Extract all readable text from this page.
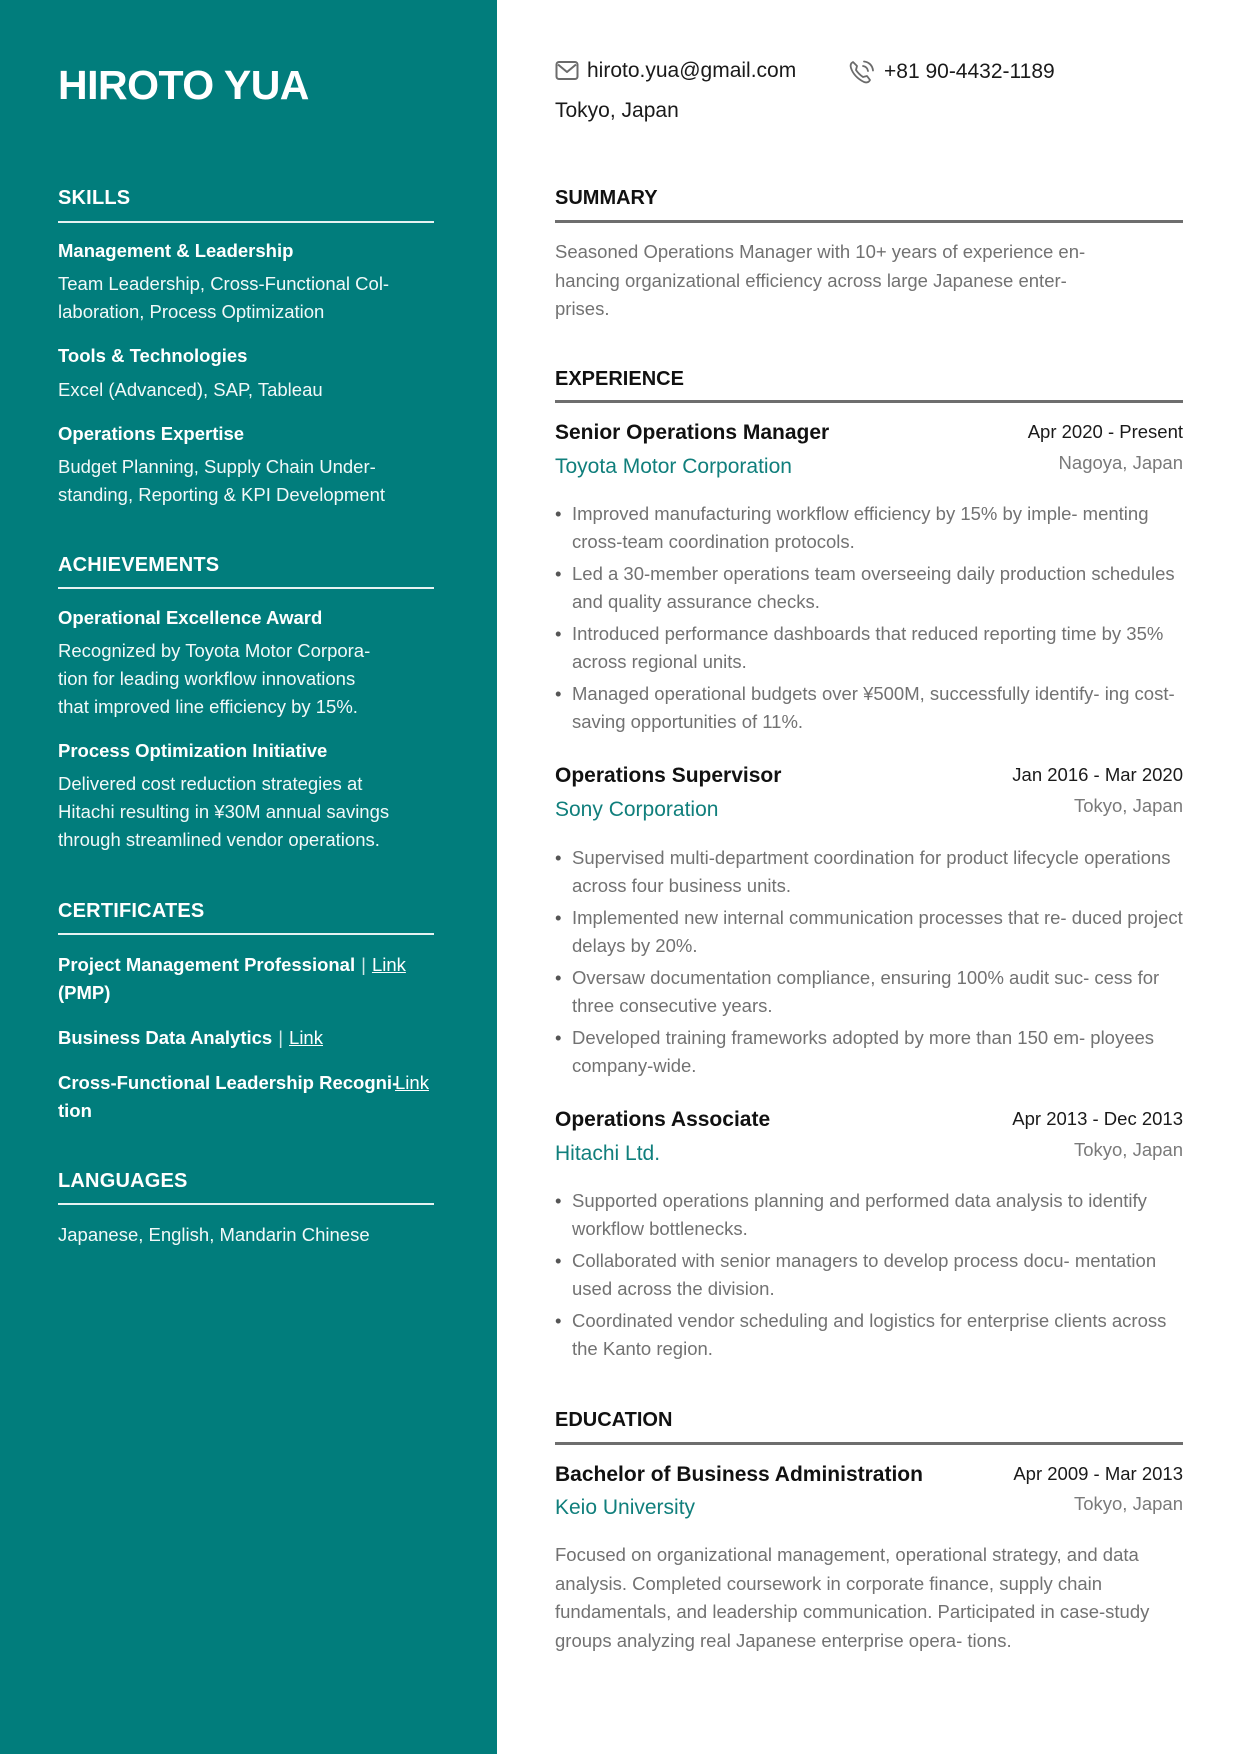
HIROTO YUA
SKILLS
Management & Leadership
Team Leadership, Cross-Functional Col-
laboration, Process Optimization
Tools & Technologies
Excel (Advanced), SAP, Tableau
Operations Expertise
Budget Planning, Supply Chain Under-
standing, Reporting & KPI Development
ACHIEVEMENTS
Operational Excellence Award
Recognized by Toyota Motor Corpora-
tion for leading workflow innovations
that improved line efficiency by 15%.
Process Optimization Initiative
Delivered cost reduction strategies at
Hitachi resulting in ¥30M annual savings
through streamlined vendor operations.
CERTIFICATES
Project Management Professional | Link
(PMP)
Business Data Analytics | Link
Cross-Functional Leadership Recogni-
tion
Link
LANGUAGES
Japanese, English, Mandarin Chinese
hiroto.yua@gmail.com	+81 90-4432-1189
Tokyo, Japan
SUMMARY
Seasoned Operations Manager with 10+ years of experience en-
hancing organizational efficiency across large Japanese enter-
prises.
EXPERIENCE
Senior Operations Manager	Apr 2020 - Present
Toyota Motor Corporation	Nagoya, Japan
• Improved manufacturing workflow efficiency by 15% by imple- menting cross-team coordination protocols.
• Led a 30-member operations team overseeing daily production schedules and quality assurance checks.
• Introduced performance dashboards that reduced reporting time by 35% across regional units.
• Managed operational budgets over ¥500M, successfully identify- ing cost-saving opportunities of 11%.
Operations Supervisor	Jan 2016 - Mar 2020
Sony Corporation	Tokyo, Japan
• Supervised multi-department coordination for product lifecycle operations across four business units.
• Implemented new internal communication processes that re- duced project delays by 20%.
• Oversaw documentation compliance, ensuring 100% audit suc- cess for three consecutive years.
• Developed training frameworks adopted by more than 150 em- ployees company-wide.
Operations Associate	Apr 2013 - Dec 2013
Hitachi Ltd.	Tokyo, Japan
• Supported operations planning and performed data analysis to identify workflow bottlenecks.
• Collaborated with senior managers to develop process docu- mentation used across the division.
• Coordinated vendor scheduling and logistics for enterprise clients across the Kanto region.
EDUCATION
Bachelor of Business Administration	Apr 2009 - Mar 2013
Keio University	Tokyo, Japan
Focused on organizational management, operational strategy, and data analysis. Completed coursework in corporate finance, supply chain fundamentals, and leadership communication. Participated in case-study groups analyzing real Japanese enterprise opera- tions.
